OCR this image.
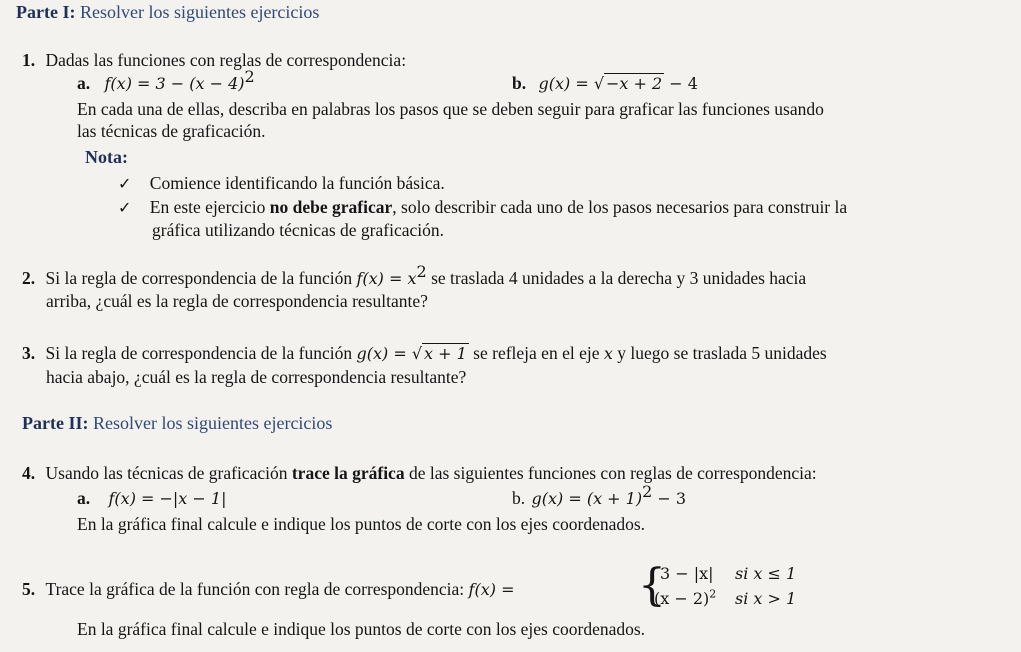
Parte I: Resolver los siguientes ejercicios
1. Dadas las funciones con reglas de correspondencia:
a. $f(x) = 3 - (x - 4)^2$	b. g(x) = √ −x + 2 − 4
En cada una de ellas, describa en palabras los pasos que se deben seguir para graficar las funciones usando
las técnicas de graficación.
Nota:
✓ Comience identificando la función básica.
✓ En este ejercicio no debe graficar, solo describir cada uno de los pasos necesarios para construir la
gráfica utilizando técnicas de graficación.
2. Si la regla de correspondencia de la función $f(x) = x^2$ se traslada 4 unidades a la derecha y 3 unidades hacia
arriba, ¿cuál es la regla de correspondencia resultante?
3. Si la regla de correspondencia de la función g(x) = √ x + 1 se refleja en el eje x y luego se traslada 5 unidades
hacia abajo, ¿cuál es la regla de correspondencia resultante?
Parte II: Resolver los siguientes ejercicios
4. Usando las técnicas de graficación trace la gráfica de las siguientes funciones con reglas de correspondencia:
a. f(x) = −|x − 1|	b. $g(x) = (x + 1)^2 - 3$
En la gráfica final calcule e indique los puntos de corte con los ejes coordenados.
5. Trace la gráfica de la función con regla de correspondencia: f(x) =	{
3 − |x| si x ≤ 1
$(x - 2)^2$ si x > 1
En la gráfica final calcule e indique los puntos de corte con los ejes coordenados.
